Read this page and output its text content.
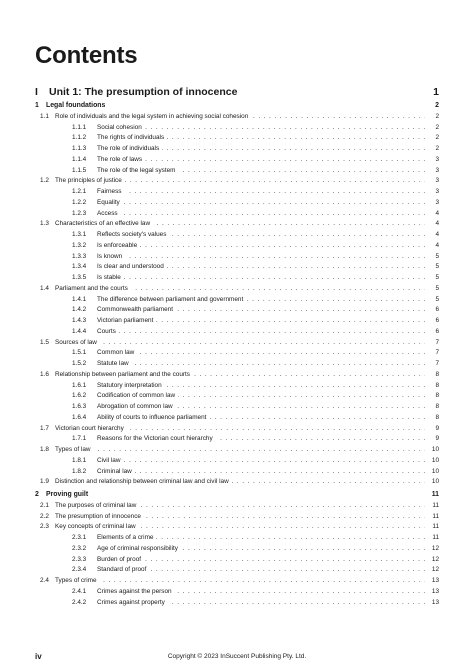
Contents
I	Unit 1: The presumption of innocence	1
1 Legal foundations	2
1.1 Role of individuals and the legal system in achieving social cohesion . . .	2
1.1.1 Social cohesion . . .	2
1.1.2 The rights of individuals . . .	2
1.1.3 The role of individuals . . .	2
1.1.4 The role of laws . . .	3
1.1.5 The role of the legal system . . .	3
1.2 The principles of justice . . .	3
1.2.1 Fairness . . .	3
1.2.2 Equality . . .	3
1.2.3 Access . . .	4
1.3 Characteristics of an effective law . . .	4
1.3.1 Reflects society's values . . .	4
1.3.2 Is enforceable . . .	4
1.3.3 Is known . . .	5
1.3.4 Is clear and understood . . .	5
1.3.5 Is stable . . .	5
1.4 Parliament and the courts . . .	5
1.4.1 The difference between parliament and government . . .	5
1.4.2 Commonwealth parliament . . .	6
1.4.3 Victorian parliament . . .	6
1.4.4 Courts . . .	6
1.5 Sources of law . . .	7
1.5.1 Common law . . .	7
1.5.2 Statute law . . .	7
1.6 Relationship between parliament and the courts . . .	8
1.6.1 Statutory interpretation . . .	8
1.6.2 Codification of common law . . .	8
1.6.3 Abrogation of common law . . .	8
1.6.4 Ability of courts to influence parliament . . .	8
1.7 Victorian court hierarchy . . .	9
1.7.1 Reasons for the Victorian court hierarchy . . .	9
1.8 Types of law . . .	10
1.8.1 Civil law . . .	10
1.8.2 Criminal law . . .	10
1.9 Distinction and relationship between criminal law and civil law . . .	10
2 Proving guilt	11
2.1 The purposes of criminal law . . .	11
2.2 The presumption of innocence . . .	11
2.3 Key concepts of criminal law . . .	11
2.3.1 Elements of a crime . . .	11
2.3.2 Age of criminal responsibility . . .	12
2.3.3 Burden of proof . . .	12
2.3.4 Standard of proof . . .	12
2.4 Types of crime . . .	13
2.4.1 Crimes against the person . . .	13
2.4.2 Crimes against property . . .	13
iv	Copyright © 2023 InSuccent Publishing Pty. Ltd.
